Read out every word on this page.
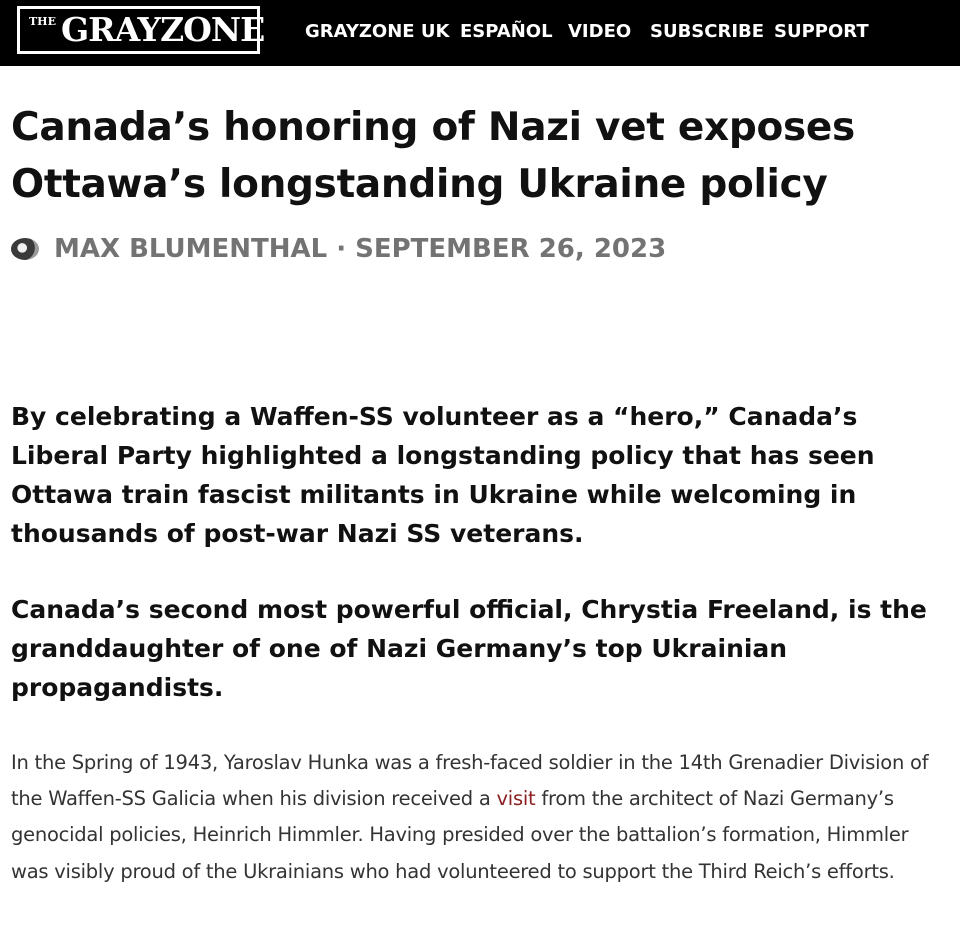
THE GRAYZONE GRAYZONE UK ESPAÑOL VIDEO SUBSCRIBE SUPPORT
Canada’s honoring of Nazi vet exposes Ottawa’s longstanding Ukraine policy
MAX BLUMENTHAL · SEPTEMBER 26, 2023

By celebrating a Waffen-SS volunteer as a “hero,” Canada’s Liberal Party highlighted a longstanding policy that has seen Ottawa train fascist militants in Ukraine while welcoming in thousands of post-war Nazi SS veterans.

Canada’s second most powerful official, Chrystia Freeland, is the granddaughter of one of Nazi Germany’s top Ukrainian propagandists.

In the Spring of 1943, Yaroslav Hunka was a fresh-faced soldier in the 14th Grenadier Division of the Waffen-SS Galicia when his division received a visit from the architect of Nazi Germany’s genocidal policies, Heinrich Himmler. Having presided over the battalion’s formation, Himmler was visibly proud of the Ukrainians who had volunteered to support the Third Reich’s efforts.
